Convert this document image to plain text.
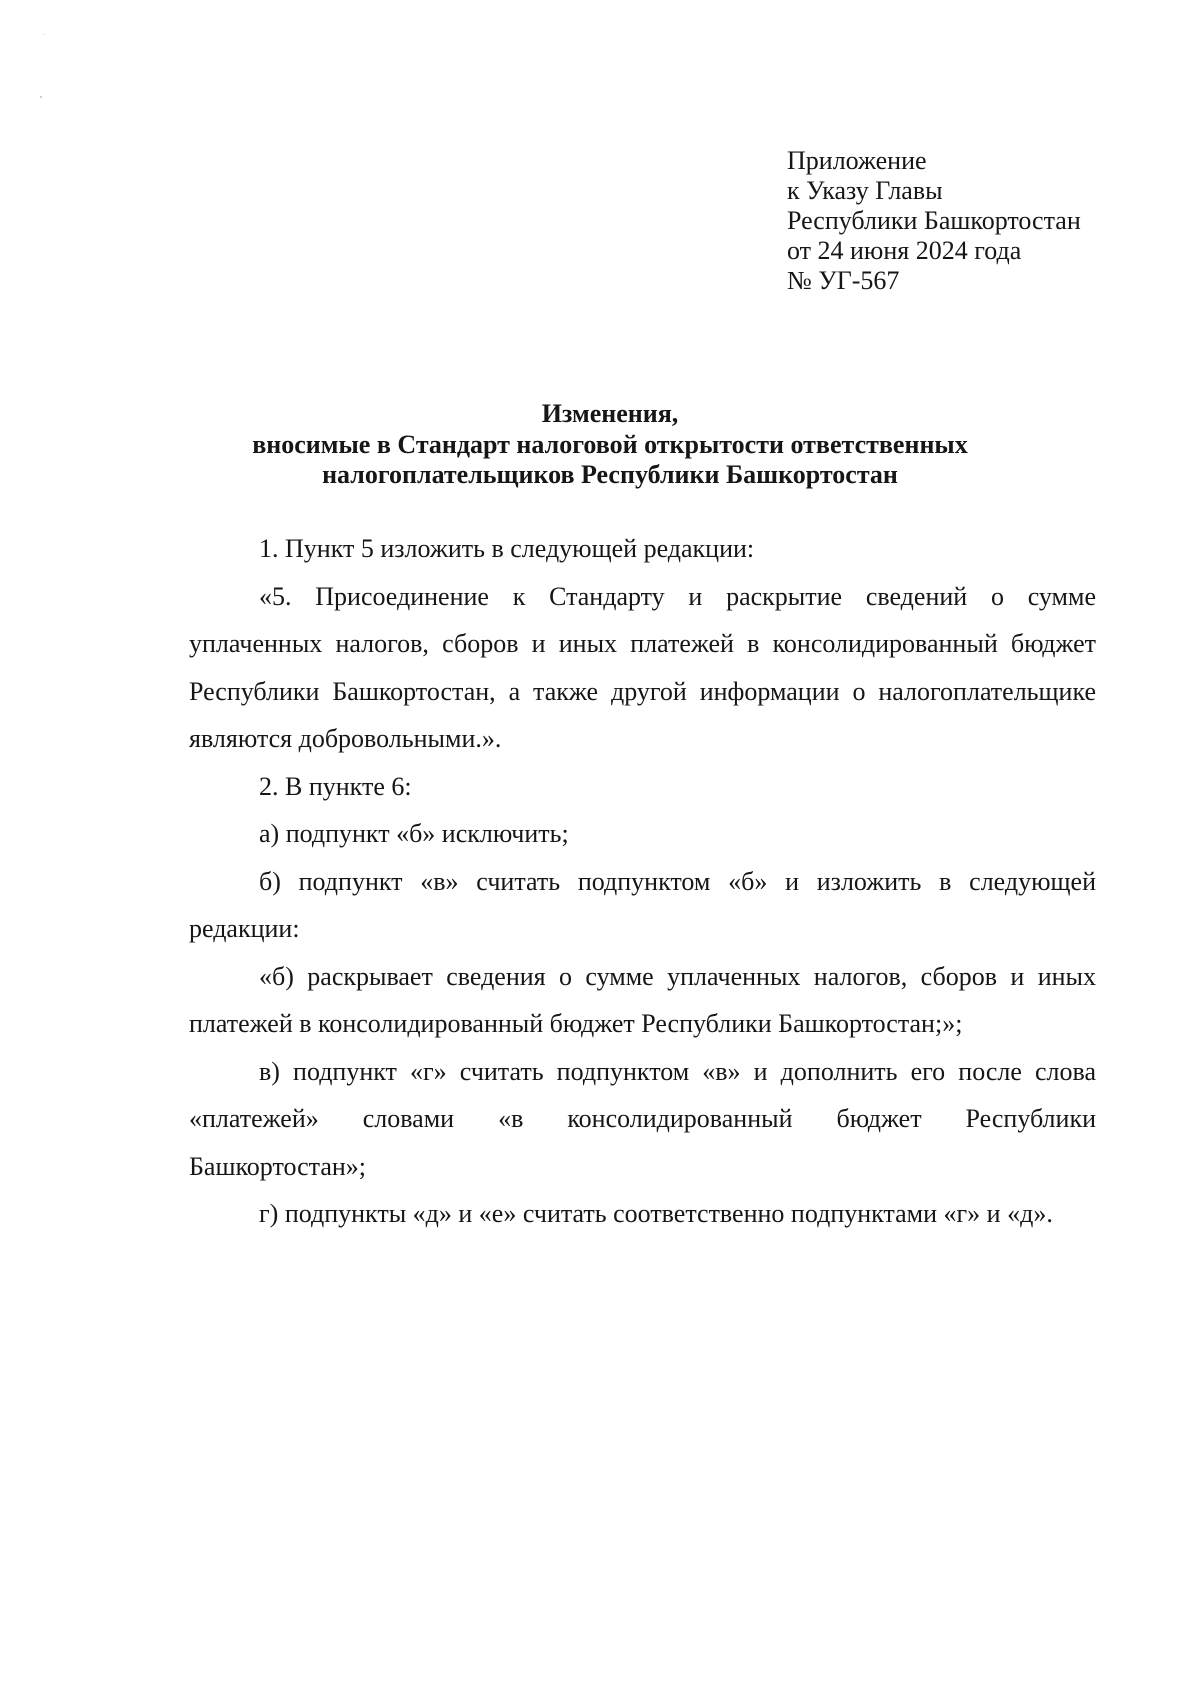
Приложение
к Указу Главы
Республики Башкортостан
от 24 июня 2024 года
№ УГ-567
Изменения,
вносимые в Стандарт налоговой открытости ответственных
налогоплательщиков Республики Башкортостан
1. Пункт 5 изложить в следующей редакции:
«5. Присоединение к Стандарту и раскрытие сведений о сумме
уплаченных налогов, сборов и иных платежей в консолидированный бюджет
Республики Башкортостан, а также другой информации о налогоплательщике
являются добровольными.».
2. В пункте 6:
а) подпункт «б» исключить;
б) подпункт «в» считать подпунктом «б» и изложить в следующей
редакции:
«б) раскрывает сведения о сумме уплаченных налогов, сборов и иных
платежей в консолидированный бюджет Республики Башкортостан;»;
в) подпункт «г» считать подпунктом «в» и дополнить его после слова
«платежей» словами «в консолидированный бюджет Республики
Башкортостан»;
г) подпункты «д» и «е» считать соответственно подпунктами «г» и «д».
